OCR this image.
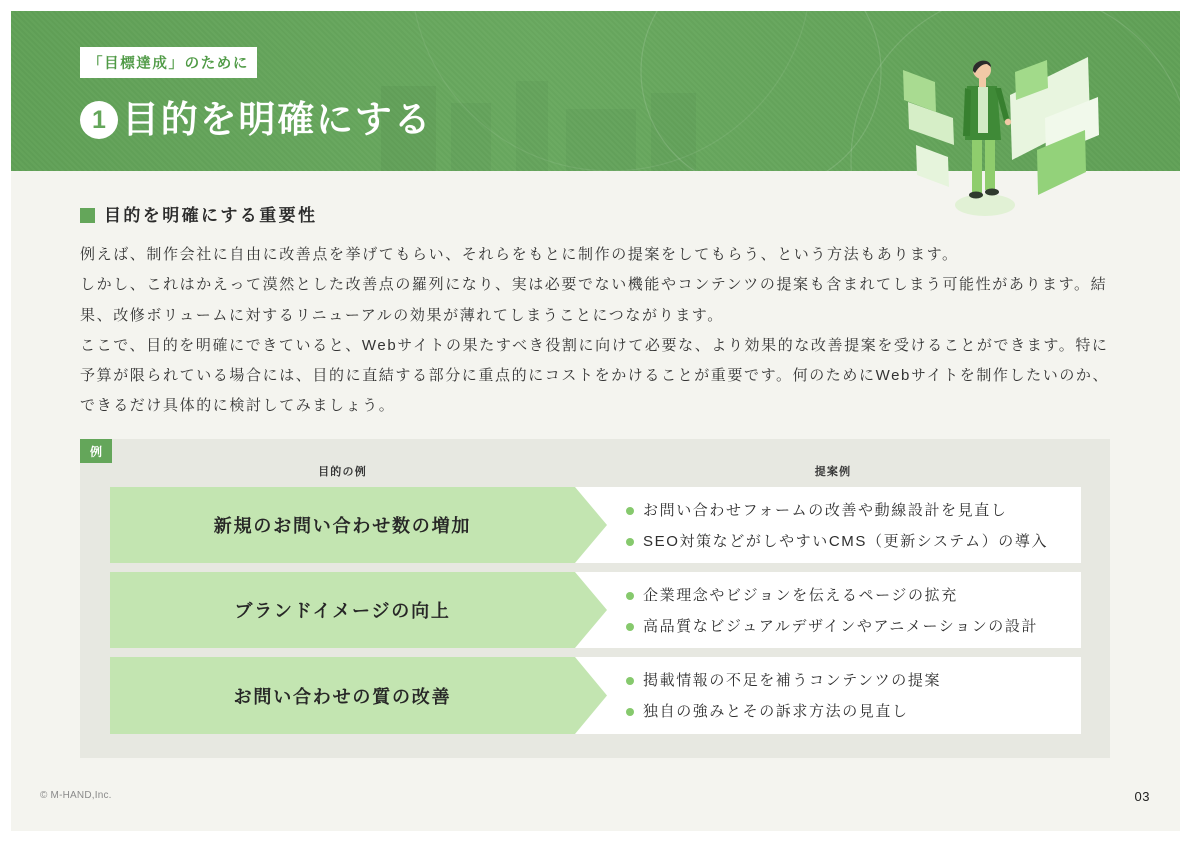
「目標達成」のために
1 目的を明確にする
目的を明確にする重要性

例えば、制作会社に自由に改善点を挙げてもらい、それらをもとに制作の提案をしてもらう、という方法もあります。

しかし、これはかえって漠然とした改善点の羅列になり、実は必要でない機能やコンテンツの提案も含まれてしまう可能性があります。結果、改修ボリュームに対するリニューアルの効果が薄れてしまうことにつながります。

ここで、目的を明確にできていると、Webサイトの果たすべき役割に向けて必要な、より効果的な改善提案を受けることができます。特に予算が限られている場合には、目的に直結する部分に重点的にコストをかけることが重要です。何のためにWebサイトを制作したいのか、できるだけ具体的に検討してみましょう。

例
目的の例	提案例
新規のお問い合わせ数の増加
お問い合わせフォームの改善や動線設計を見直し
SEO対策などがしやすいCMS（更新システム）の導入
ブランドイメージの向上
企業理念やビジョンを伝えるページの拡充
高品質なビジュアルデザインやアニメーションの設計
お問い合わせの質の改善
掲載情報の不足を補うコンテンツの提案
独自の強みとその訴求方法の見直し
© M-HAND,Inc.	03
